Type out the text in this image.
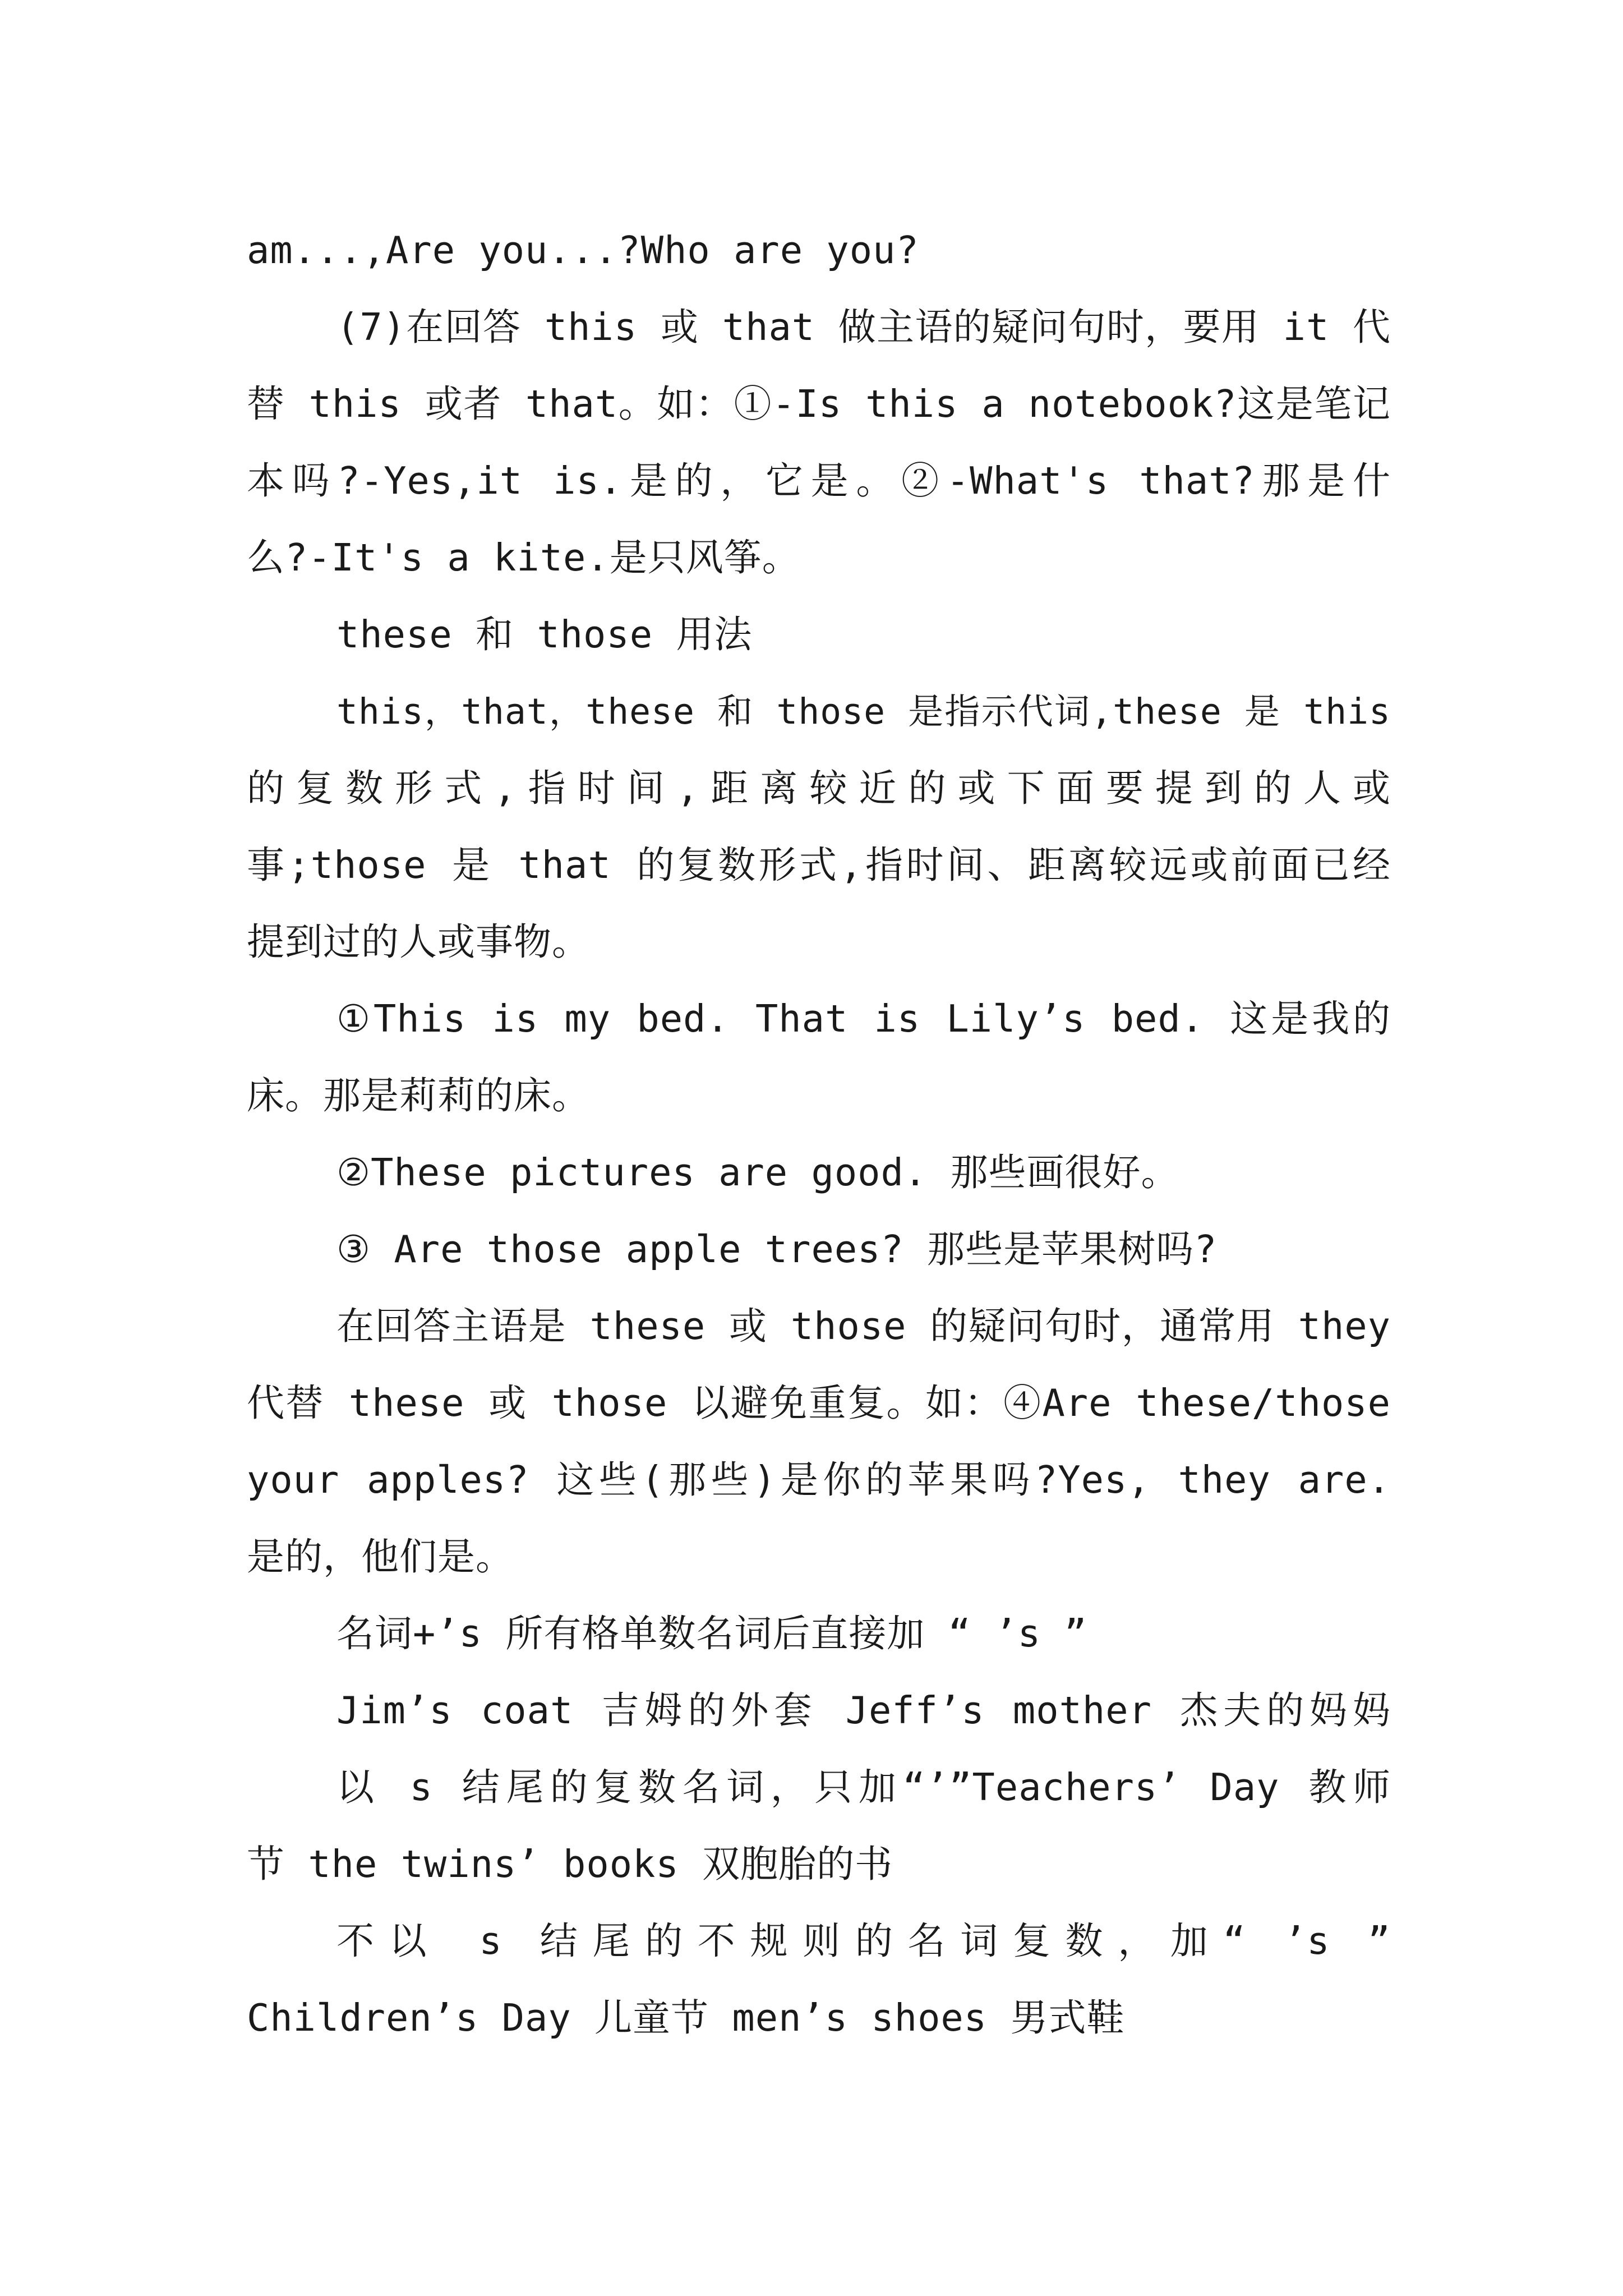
am...,Are you...?Who are you?
(7)在回答 this 或 that 做主语的疑问句时，要用 it 代
替 this 或者 that。如：①-Is this a notebook?这是笔记
本吗?-Yes,it is.是的，它是。②-What's that?那是什
么?-It's a kite.是只风筝。
these 和 those 用法
this，that，these 和 those 是指示代词,these 是 this
的复数形式,指时间,距离较近的或下面要提到的人或
事;those 是 that 的复数形式,指时间、距离较远或前面已经
提到过的人或事物。
①This is my bed. That is Lily’s bed. 这是我的
床。那是莉莉的床。
②These pictures are good. 那些画很好。
③ Are those apple trees? 那些是苹果树吗?
在回答主语是 these 或 those 的疑问句时，通常用 they
代替 these 或 those 以避免重复。如：④Are these/those
your apples? 这些(那些)是你的苹果吗?Yes, they are.
是的，他们是。
名词+’s 所有格单数名词后直接加 “ ’s ”
Jim’s coat 吉姆的外套 Jeff’s mother 杰夫的妈妈
以 s 结尾的复数名词，只加“’”Teachers’ Day 教师
节 the twins’ books 双胞胎的书
不以 s 结尾的不规则的名词复数，加“ ’s ”
Children’s Day 儿童节 men’s shoes 男式鞋
